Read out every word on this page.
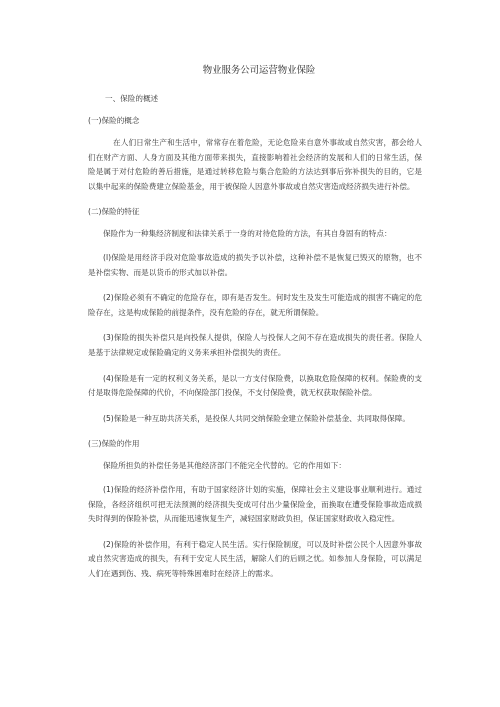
物业服务公司运营物业保险
一、保险的概述
(一)保险的概念

在人们日常生产和生活中，常常存在着危险，无论危险来自意外事故或自然灾害，都会给人们在财产方面、人身方面及其他方面带来损失，直接影响着社会经济的发展和人们的日常生活，保险是属于对付危险的善后措施，是通过转移危险与集合危险的方法达到事后弥补损失的目的，它是以集中起来的保险费建立保险基金，用于被保险人因意外事故或自然灾害造成经济损失进行补偿。

(二)保险的特征

保险作为一种集经济制度和法律关系于一身的对待危险的方法，有其自身固有的特点：

(l)保险是用经济手段对危险事故造成的损失予以补偿，这种补偿不是恢复已毁灭的原物，也不是补偿实物、而是以货币的形式加以补偿。

(2)保险必须有不确定的危险存在，即有是否发生。何时发生及发生可能造成的损害不确定的危险存在，这是构成保险的前提条件，没有危险的存在，就无所谓保险。

(3)保险的损失补偿只是向投保人提供，保险人与投保人之间不存在造成损失的责任者。保险人是基于法律规定或保险确定的义务来承担补偿损失的责任。

(4)保险是有一定的权利义务关系，是以一方支付保险费，以换取危险保障的权利。保险费的支付是取得危险保障的代价，不向保险部门投保，不支付保险费，就无权获取保险补偿。

(5)保险是一种互助共济关系，是投保人共同交纳保险金建立保险补偿基金、共同取得保障。

(三)保险的作用

保险所担负的补偿任务是其他经济部门不能完全代替的。它的作用如下：

(1)保险的经济补偿作用，有助于国家经济计划的实施，保障社会主义建设事业顺利进行。通过保险，各经济组织可把无法预测的经济损失变成可付出少量保险金，而换取在遭受保险事故造成损失时得到的保险补偿，从而能迅速恢复生产，减轻国家财政负担，保证国家财政收入稳定性。

(2)保险的补偿作用，有利于稳定人民生活。实行保险制度，可以及时补偿公民个人因意外事故或自然灾害造成的损失，有利于安定人民生活，解除人们的后顾之忧。如参加人身保险，可以满足人们在遇到伤、残、病死等特殊困难时在经济上的需求。
